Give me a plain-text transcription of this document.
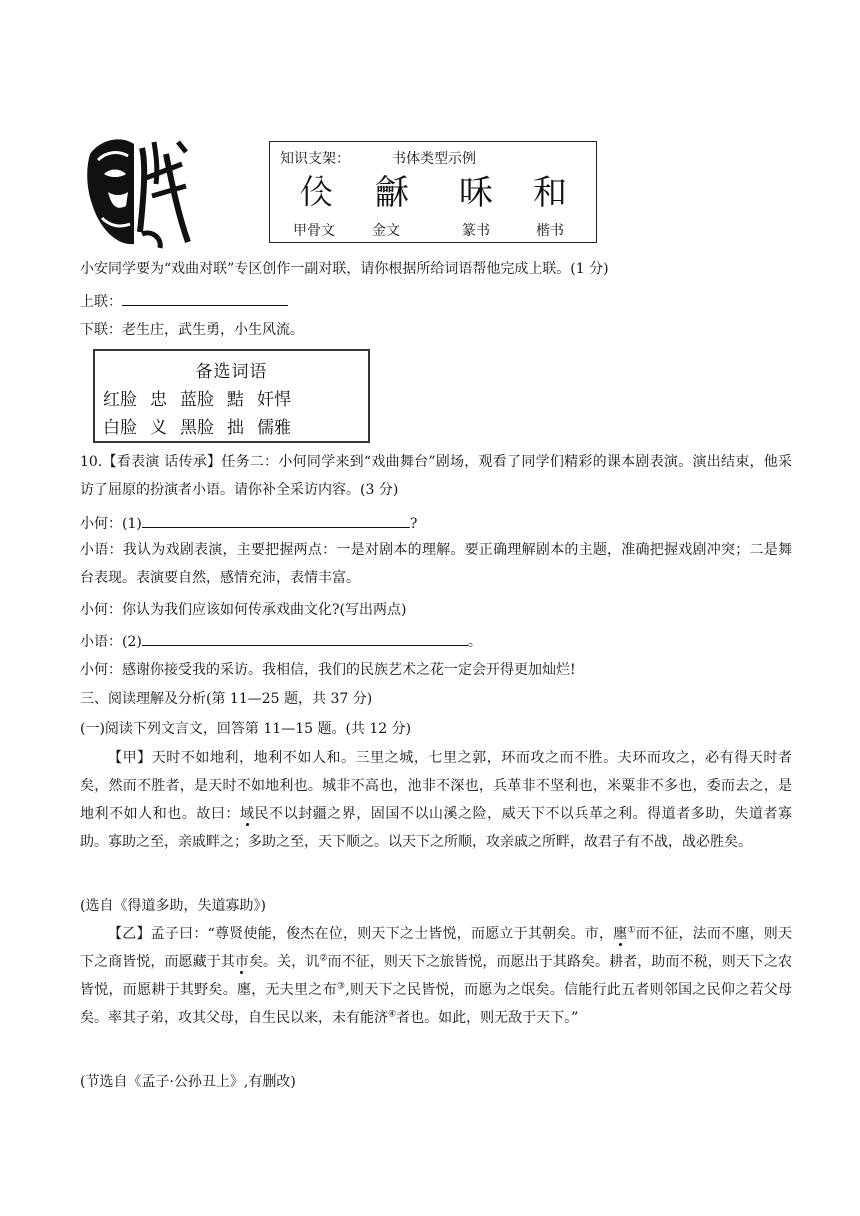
知识支架：	书体类型示例
𠇒	龢	咊	和
甲骨文	金文	篆书	楷书
小安同学要为“戏曲对联”专区创作一副对联，请你根据所给词语帮他完成上联。(1 分)
上联：
下联：老生庄，武生勇，小生风流。
备选词语
红脸 忠 蓝脸 黠 奸悍
白脸 义 黑脸 拙 儒雅
10.【看表演 话传承】任务二：小何同学来到“戏曲舞台”剧场，观看了同学们精彩的课本剧表演。演出结束，他采访了屈原的扮演者小语。请你补全采访内容。(3 分)
小何：(1)	?
小语：我认为戏剧表演，主要把握两点：一是对剧本的理解。要正确理解剧本的主题，准确把握戏剧冲突；二是舞台表现。表演要自然，感情充沛，表情丰富。
小何：你认为我们应该如何传承戏曲文化?(写出两点)
小语：(2)	。
小何：感谢你接受我的采访。我相信，我们的民族艺术之花一定会开得更加灿烂!
三、阅读理解及分析(第 11—25 题，共 37 分)
(一)阅读下列文言文，回答第 11—15 题。(共 12 分)
【甲】天时不如地利，地利不如人和。三里之城，七里之郭，环而攻之而不胜。夫环而攻之，必有得天时者矣，然而不胜者，是天时不如地利也。城非不高也，池非不深也，兵革非不坚利也，米粟非不多也，委而去之，是地利不如人和也。故曰：域民不以封疆之界，固国不以山溪之险，威天下不以兵革之利。得道者多助，失道者寡助。寡助之至，亲戚畔之；多助之至，天下顺之。以天下之所顺，攻亲戚之所畔，故君子有不战，战必胜矣。
(选自《得道多助，失道寡助》)
【乙】孟子曰：“尊贤使能，俊杰在位，则天下之士皆悦，而愿立于其朝矣。市，廛①而不征，法而不廛，则天下之商皆悦，而愿藏于其市矣。关，讥②而不征，则天下之旅皆悦，而愿出于其路矣。耕者，助而不税，则天下之农皆悦，而愿耕于其野矣。廛，无夫里之布③,则天下之民皆悦，而愿为之氓矣。信能行此五者则邻国之民仰之若父母矣。率其子弟，攻其父母，自生民以来，未有能济④者也。如此，则无敌于天下。”
(节选自《孟子·公孙丑上》,有删改)
